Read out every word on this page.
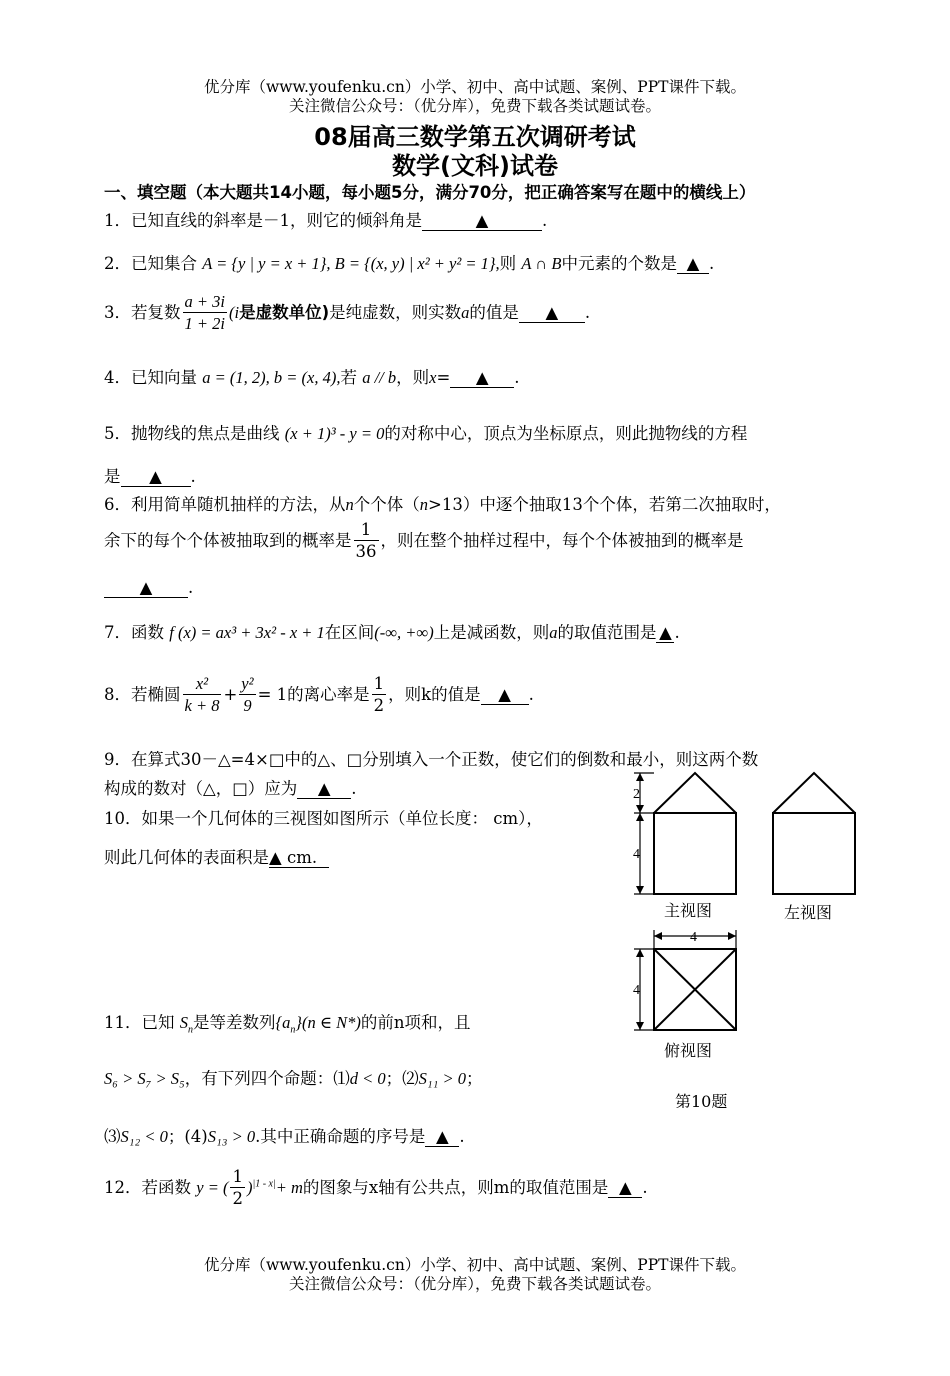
优分库（www.youfenku.cn）小学、初中、高中试题、案例、PPT课件下载。
关注微信公众号：（优分库），免费下载各类试题试卷。
08届高三数学第五次调研考试
数学(文科)试卷
一、填空题（本大题共14小题，每小题5分，满分70分，把正确答案写在题中的横线上）
1．已知直线的斜率是－1，则它的倾斜角是	▲	.
2．已知集合 A = {y | y = x + 1}, B = {(x, y) | x² + y² = 1},则 A ∩ B中元素的个数是 ▲ .
3．若复数 $\frac{a + 3i}{1 + 2i} (i$是虚数单位)是纯虚数，则实数a的值是 ▲ .
4．已知向量 a = (1, 2), b = (x, 4),若 a // b，则x= ▲ .
5．抛物线的焦点是曲线 (x + 1)³ - y = 0的对称中心，顶点为坐标原点，则此抛物线的方程
是 ▲ .
6．利用简单随机抽样的方法，从n个个体（n>13）中逐个抽取13个个体，若第二次抽取时，
余下的每个个体被抽取到的概率是 $\frac{1}{36}$ ，则在整个抽样过程中，每个个体被抽到的概率是
▲ .
7．函数 f (x) = ax³ + 3x² - x + 1在区间(-∞, +∞)上是减函数，则a的取值范围是 ▲ .
8．若椭圆 $\frac{\text{x²}}{k + 8} + \frac{\text{y²}}{9} = 1$的离心率是 $\frac{1}{2}$ ，则k的值是 ▲ .
9．在算式30－△=4×□中的△、□分别填入一个正数，使它们的倒数和最小，则这两个数
构成的数对（△，□）应为 ▲ .
10．如果一个几何体的三视图如图所示（单位长度： cm），
则此几何体的表面积是▲ cm.
2
4
4
4
主视图	左视图
俯视图
第10题
11．已知 $S_n$是等差数列$\{a_n\}(n$ ∈ N*)的前n项和，且
S₆ > S₇ > S₅，有下列四个命题：⑴d < 0；⑵S₁₁ > 0；
⑶S₁₂ < 0；(4)S₁₃ > 0.其中正确命题的序号是 ▲ .
12．若函数 y = ( $\frac{1}{2} )^{|1 - x|}+ m$的图象与x轴有公共点，则m的取值范围是 ▲ .
优分库（www.youfenku.cn）小学、初中、高中试题、案例、PPT课件下载。
关注微信公众号：（优分库），免费下载各类试题试卷。
